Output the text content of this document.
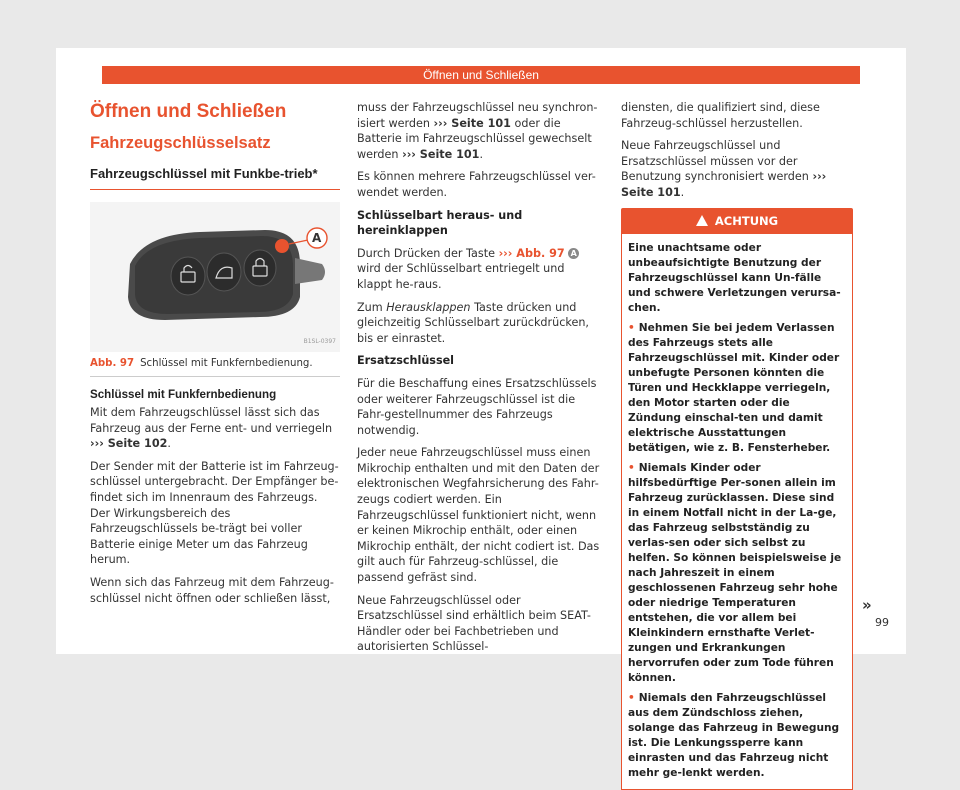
Öffnen und Schließen
Öffnen und Schließen
Fahrzeugschlüsselsatz
Fahrzeugschlüssel mit Funkbe-trieb*
A
B1SL-0397
Abb. 97 Schlüssel mit Funkfernbedienung.
Schlüssel mit Funkfernbedienung

Mit dem Fahrzeugschlüssel lässt sich das Fahrzeug aus der Ferne ent- und verriegeln ››› Seite 102.

Der Sender mit der Batterie ist im Fahrzeug-schlüssel untergebracht. Der Empfänger be-findet sich im Innenraum des Fahrzeugs. Der Wirkungsbereich des Fahrzeugschlüssels be-trägt bei voller Batterie einige Meter um das Fahrzeug herum.

Wenn sich das Fahrzeug mit dem Fahrzeug-schlüssel nicht öffnen oder schließen lässt,

muss der Fahrzeugschlüssel neu synchron-isiert werden ››› Seite 101 oder die Batterie im Fahrzeugschlüssel gewechselt werden ››› Seite 101.

Es können mehrere Fahrzeugschlüssel ver-wendet werden.

Schlüsselbart heraus- und hereinklappen

Durch Drücken der Taste ››› Abb. 97 A wird der Schlüsselbart entriegelt und klappt he-raus.

Zum Herausklappen Taste drücken und gleichzeitig Schlüsselbart zurückdrücken, bis er einrastet.

Ersatzschlüssel

Für die Beschaffung eines Ersatzschlüssels oder weiterer Fahrzeugschlüssel ist die Fahr-gestellnummer des Fahrzeugs notwendig.

Jeder neue Fahrzeugschlüssel muss einen Mikrochip enthalten und mit den Daten der elektronischen Wegfahrsicherung des Fahr-zeugs codiert werden. Ein Fahrzeugschlüssel funktioniert nicht, wenn er keinen Mikrochip enthält, oder einen Mikrochip enthält, der nicht codiert ist. Das gilt auch für Fahrzeug-schlüssel, die passend gefräst sind.

Neue Fahrzeugschlüssel oder Ersatzschlüssel sind erhältlich beim SEAT-Händler oder bei Fachbetrieben und autorisierten Schlüssel-

diensten, die qualifiziert sind, diese Fahrzeug-schlüssel herzustellen.

Neue Fahrzeugschlüssel und Ersatzschlüssel müssen vor der Benutzung synchronisiert werden ››› Seite 101.

ACHTUNG

Eine unachtsame oder unbeaufsichtigte Benutzung der Fahrzeugschlüssel kann Un-fälle und schwere Verletzungen verursa-chen.

• Nehmen Sie bei jedem Verlassen des Fahrzeugs stets alle Fahrzeugschlüssel mit. Kinder oder unbefugte Personen könnten die Türen und Heckklappe verriegeln, den Motor starten oder die Zündung einschal-ten und damit elektrische Ausstattungen betätigen, wie z. B. Fensterheber.

• Niemals Kinder oder hilfsbedürftige Per-sonen allein im Fahrzeug zurücklassen. Diese sind in einem Notfall nicht in der La-ge, das Fahrzeug selbstständig zu verlas-sen oder sich selbst zu helfen. So können beispielsweise je nach Jahreszeit in einem geschlossenen Fahrzeug sehr hohe oder niedrige Temperaturen entstehen, die vor allem bei Kleinkindern ernsthafte Verlet-zungen und Erkrankungen hervorrufen oder zum Tode führen können.

• Niemals den Fahrzeugschlüssel aus dem Zündschloss ziehen, solange das Fahrzeug in Bewegung ist. Die Lenkungssperre kann einrasten und das Fahrzeug nicht mehr ge-lenkt werden.

»
99
